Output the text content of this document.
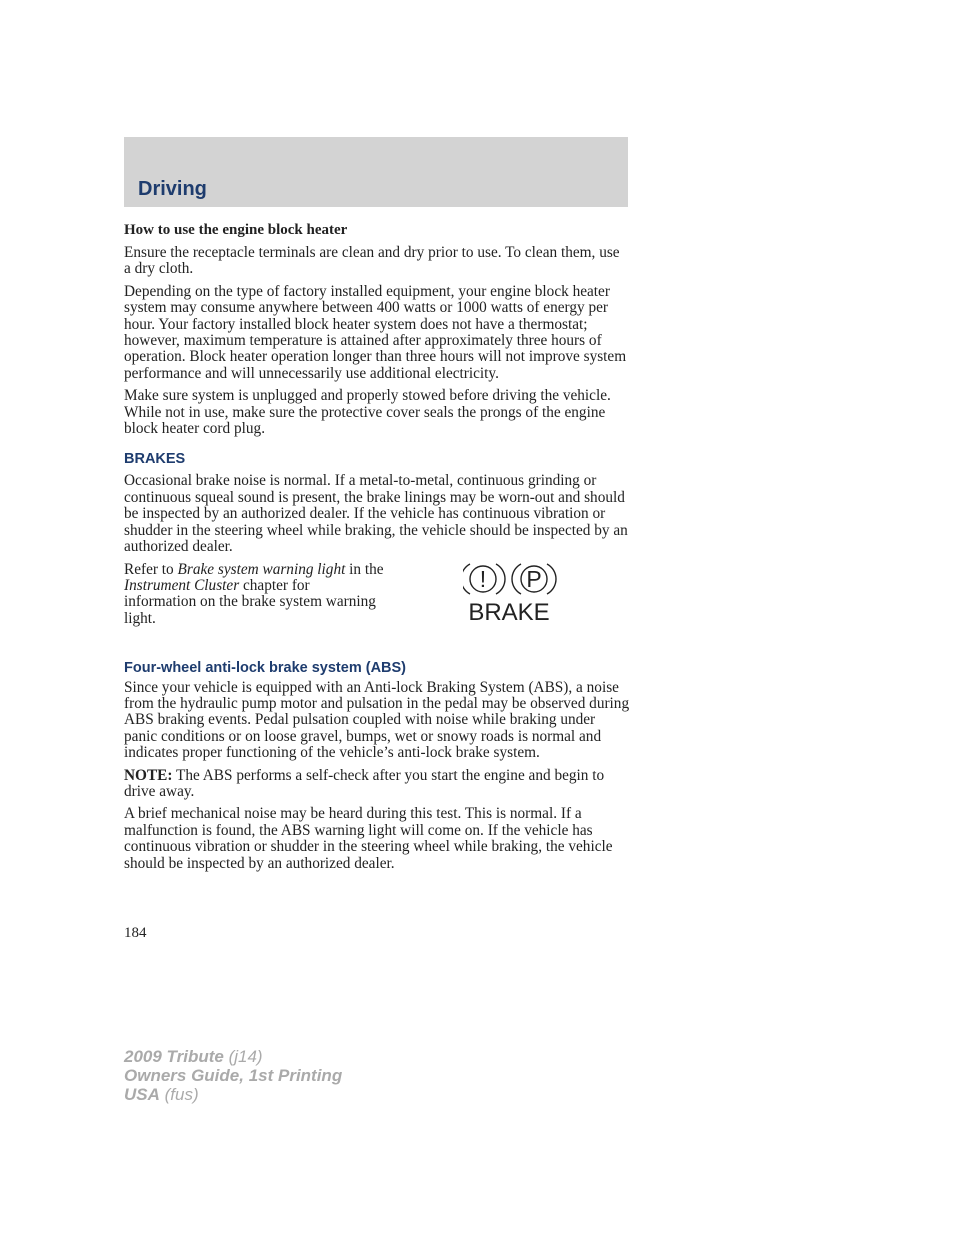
Driving
How to use the engine block heater

Ensure the receptacle terminals are clean and dry prior to use. To clean them, use a dry cloth.

Depending on the type of factory installed equipment, your engine block heater system may consume anywhere between 400 watts or 1000 watts of energy per hour. Your factory installed block heater system does not have a thermostat; however, maximum temperature is attained after approximately three hours of operation. Block heater operation longer than three hours will not improve system performance and will unnecessarily use additional electricity.

Make sure system is unplugged and properly stowed before driving the vehicle. While not in use, make sure the protective cover seals the prongs of the engine block heater cord plug.

BRAKES

Occasional brake noise is normal. If a metal-to-metal, continuous grinding or continuous squeal sound is present, the brake linings may be worn-out and should be inspected by an authorized dealer. If the vehicle has continuous vibration or shudder in the steering wheel while braking, the vehicle should be inspected by an authorized dealer.

Refer to Brake system warning light in the Instrument Cluster chapter for information on the brake system warning light.
! P
BRAKE
Four-wheel anti-lock brake system (ABS)

Since your vehicle is equipped with an Anti-lock Braking System (ABS), a noise from the hydraulic pump motor and pulsation in the pedal may be observed during ABS braking events. Pedal pulsation coupled with noise while braking under panic conditions or on loose gravel, bumps, wet or snowy roads is normal and indicates proper functioning of the vehicle’s anti-lock brake system.

NOTE: The ABS performs a self-check after you start the engine and begin to drive away.

A brief mechanical noise may be heard during this test. This is normal. If a malfunction is found, the ABS warning light will come on. If the vehicle has continuous vibration or shudder in the steering wheel while braking, the vehicle should be inspected by an authorized dealer.

184
2009 Tribute (j14)
Owners Guide, 1st Printing
USA (fus)
